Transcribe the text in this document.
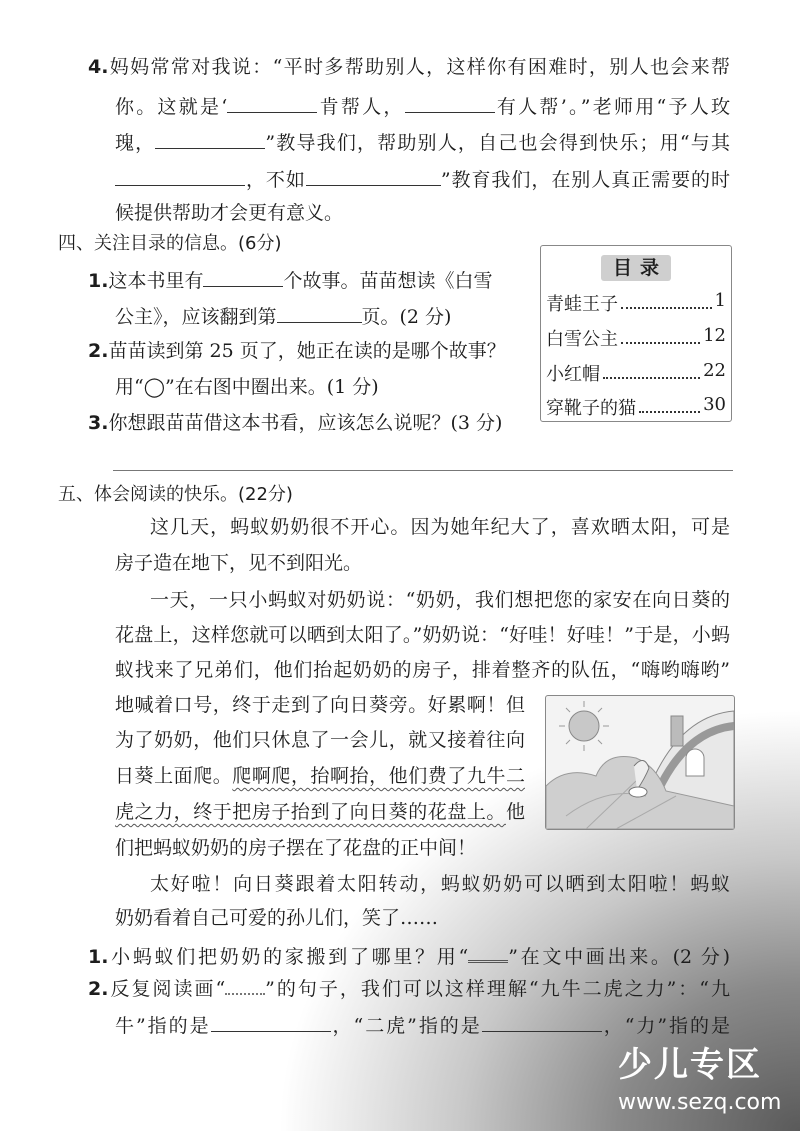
4.妈妈常常对我说：“平时多帮助别人，这样你有困难时，别人也会来帮
你。这就是‘	肯帮人，	有人帮’。”老师用“予人玫
瑰，	”教导我们，帮助别人，自己也会得到快乐；用“与其
，不如	”教育我们，在别人真正需要的时
候提供帮助才会更有意义。
四、关注目录的信息。(6分)
1.这本书里有	个故事。苗苗想读《白雪
公主》，应该翻到第	页。(2 分)
2.苗苗读到第 25 页了，她正在读的是哪个故事？
用“◯”在右图中圈出来。(1 分)
3.你想跟苗苗借这本书看，应该怎么说呢？(3 分)
目录
青蛙王子	1
白雪公主	12
小红帽	22
穿靴子的猫	30
五、体会阅读的快乐。(22分)
这几天，蚂蚁奶奶很不开心。因为她年纪大了，喜欢晒太阳，可是
房子造在地下，见不到阳光。
一天，一只小蚂蚁对奶奶说：“奶奶，我们想把您的家安在向日葵的
花盘上，这样您就可以晒到太阳了。”奶奶说：“好哇！好哇！”于是，小蚂
蚁找来了兄弟们，他们抬起奶奶的房子，排着整齐的队伍，“嗨哟嗨哟”
地喊着口号，终于走到了向日葵旁。好累啊！但
为了奶奶，他们只休息了一会儿，就又接着往向
日葵上面爬。爬啊爬，抬啊抬，他们费了九牛二
虎之力，终于把房子抬到了向日葵的花盘上。他
们把蚂蚁奶奶的房子摆在了花盘的正中间！
太好啦！向日葵跟着太阳转动，蚂蚁奶奶可以晒到太阳啦！蚂蚁
奶奶看着自己可爱的孙儿们，笑了……
1.小蚂蚁们把奶奶的家搬到了哪里？用“ ”在文中画出来。(2 分)
2.反复阅读画“ ”的句子，我们可以这样理解“九牛二虎之力”：“九
牛”指的是	，“二虎”指的是	，“力”指的是
少儿专区
www.sezq.com
